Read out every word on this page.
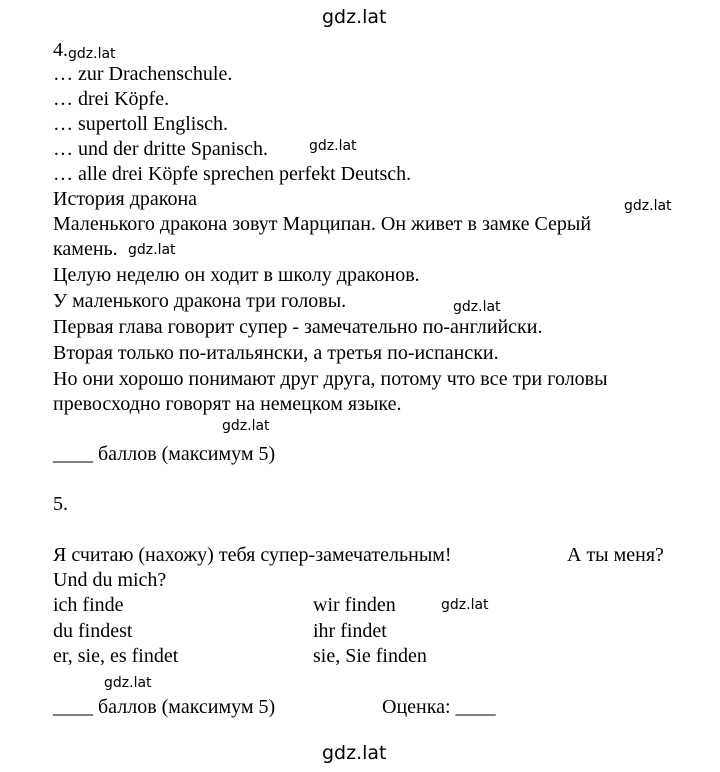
gdz.lat
gdz.lat
gdz.lat
gdz.lat
gdz.lat
gdz.lat
gdz.lat
gdz.lat
gdz.lat
gdz.lat
4.
… zur Drachenschule.
… drei Köpfe.
… supertoll Englisch.
… und der dritte Spanisch.
… alle drei Köpfe sprechen perfekt Deutsch.
История дракона
Маленького дракона зовут Марципан. Он живет в замке Серый
камень.
Целую неделю он ходит в школу драконов.
У маленького дракона три головы.
Первая глава говорит супер - замечательно по-английски.
Вторая только по-итальянски, а третья по-испански.
Но они хорошо понимают друг друга, потому что все три головы
превосходно говорят на немецком языке.
____ баллов (максимум 5)
5.
Я считаю (нахожу) тебя супер-замечательным!	А ты меня?
Und du mich?
ich finde	wir finden
du findest	ihr findet
er, sie, es findet	sie, Sie finden
____ баллов (максимум 5)	Оценка: ____
